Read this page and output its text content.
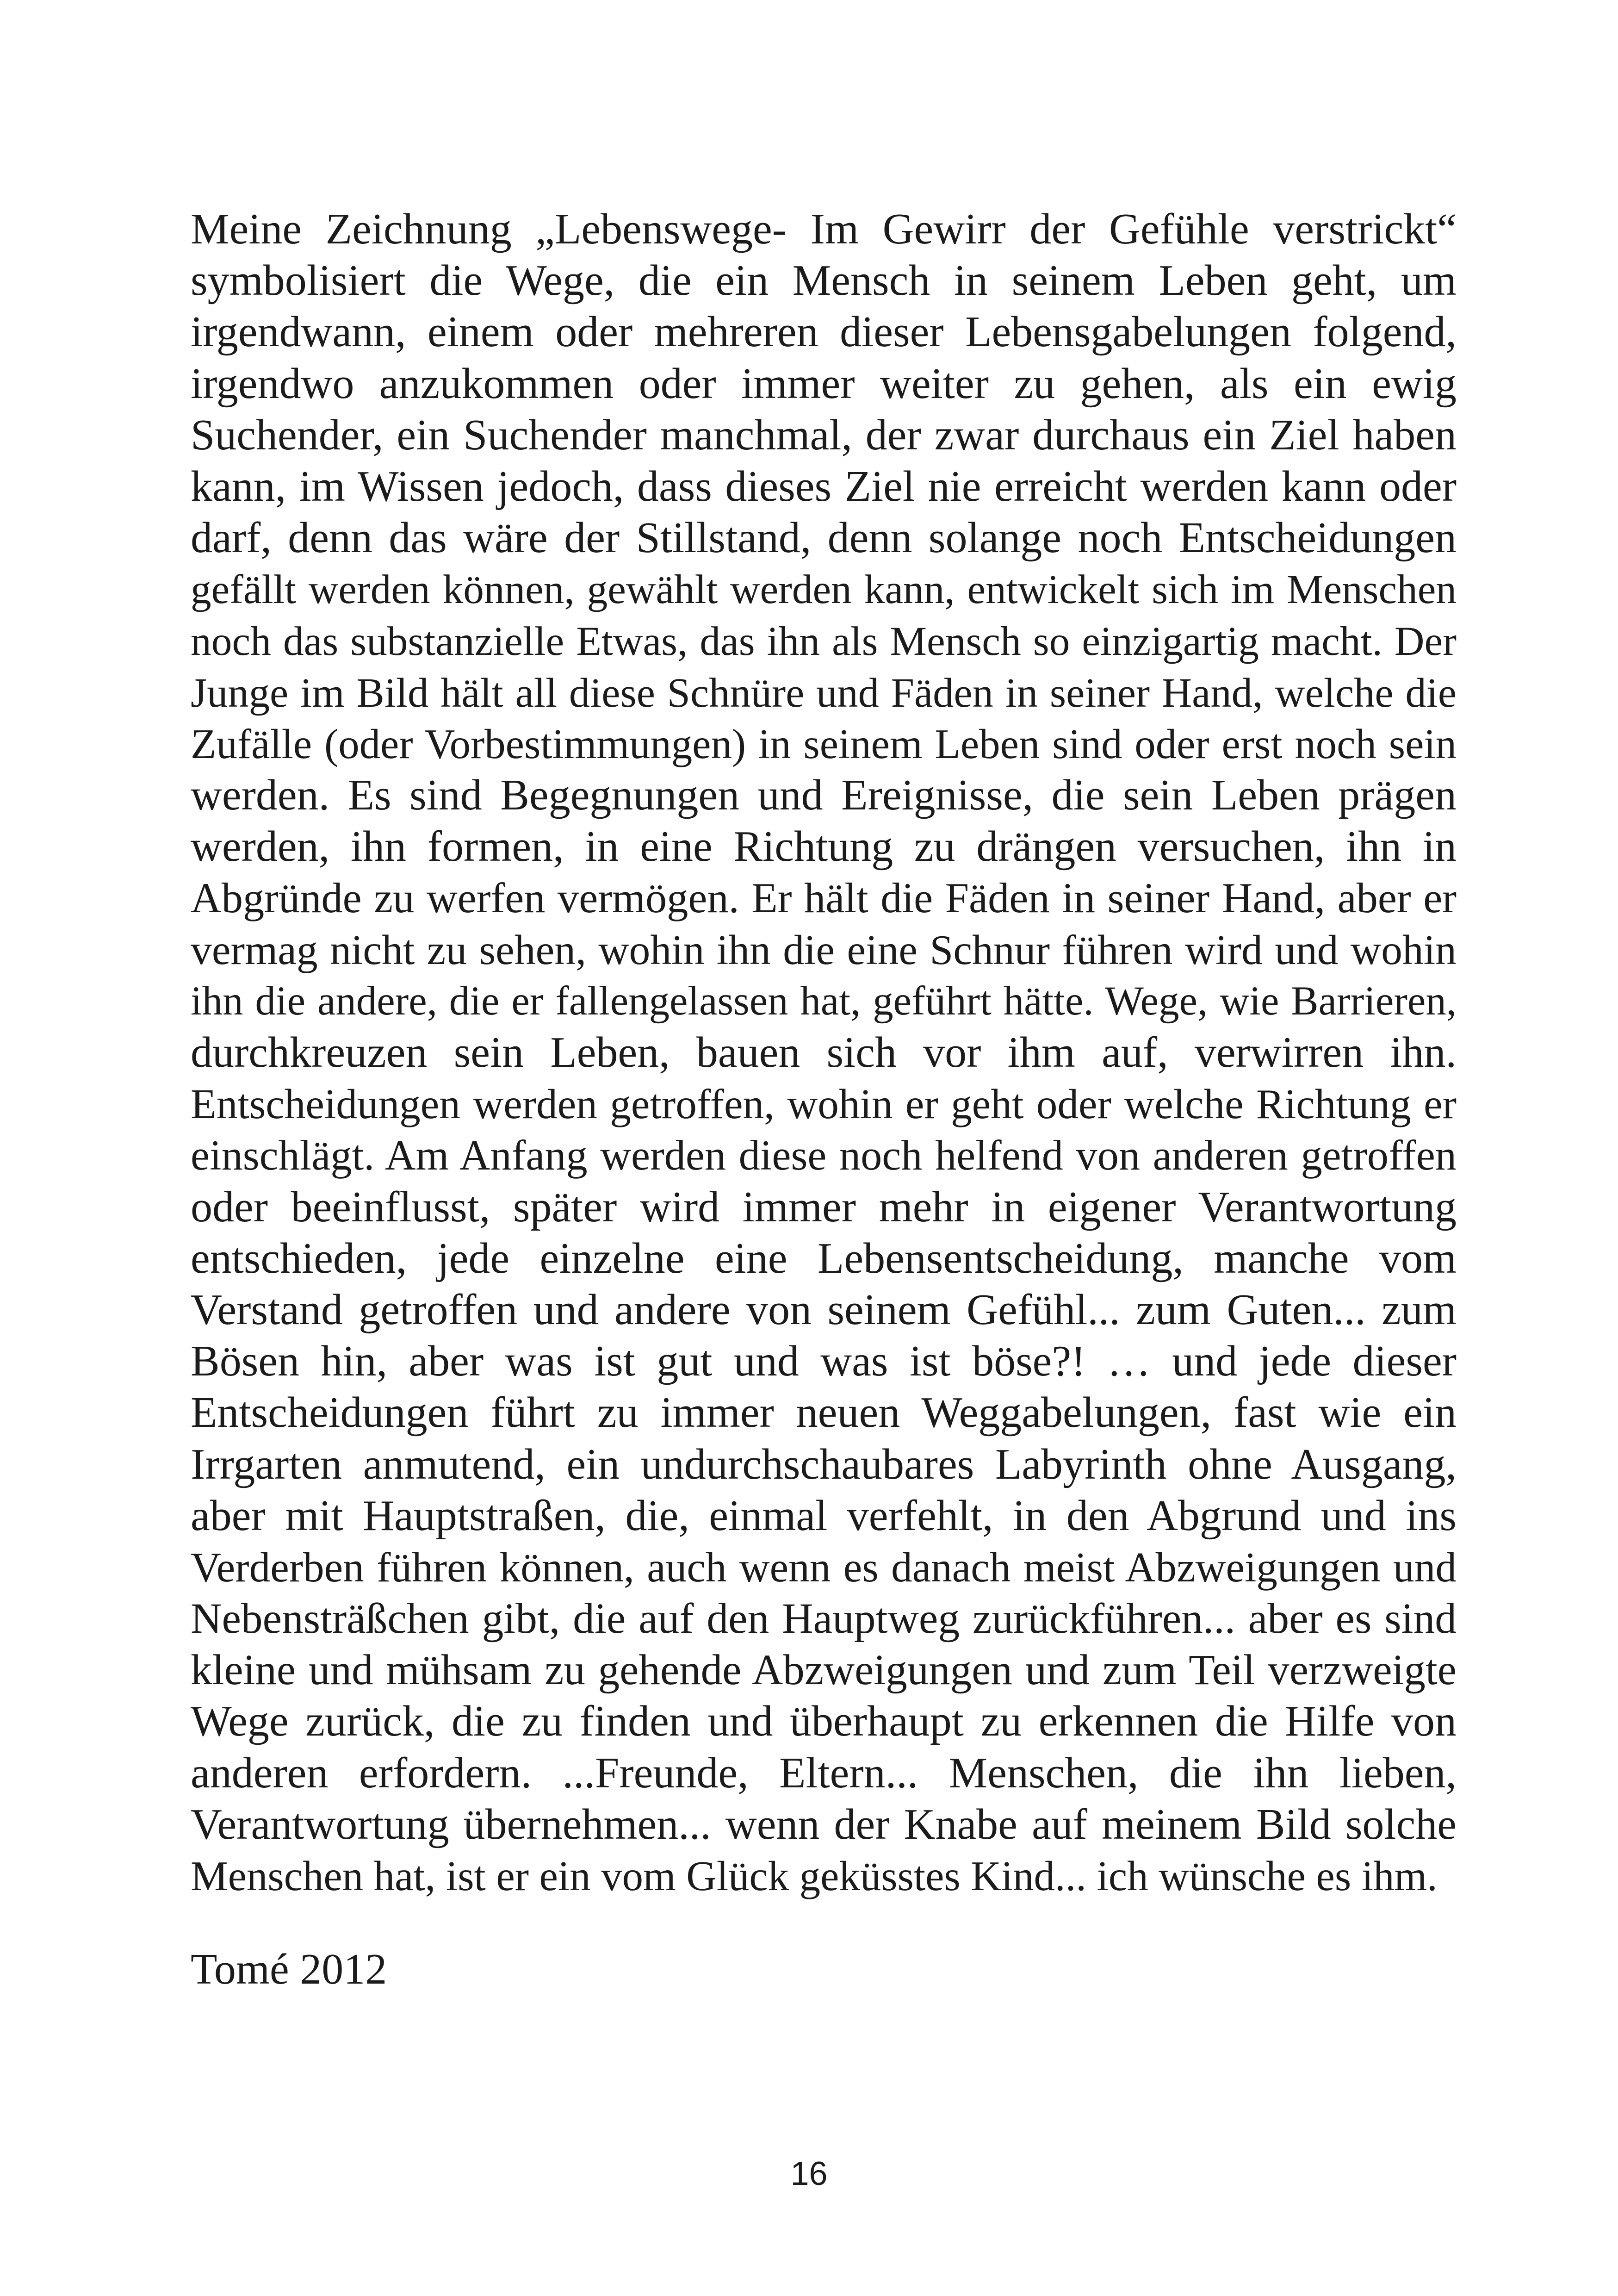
Meine Zeichnung „Lebenswege- Im Gewirr der Gefühle verstrickt“
symbolisiert die Wege, die ein Mensch in seinem Leben geht, um
irgendwann, einem oder mehreren dieser Lebensgabelungen folgend,
irgendwo anzukommen oder immer weiter zu gehen, als ein ewig
Suchender, ein Suchender manchmal, der zwar durchaus ein Ziel haben
kann, im Wissen jedoch, dass dieses Ziel nie erreicht werden kann oder
darf, denn das wäre der Stillstand, denn solange noch Entscheidungen
gefällt werden können, gewählt werden kann, entwickelt sich im Menschen
noch das substanzielle Etwas, das ihn als Mensch so einzigartig macht. Der
Junge im Bild hält all diese Schnüre und Fäden in seiner Hand, welche die
Zufälle (oder Vorbestimmungen) in seinem Leben sind oder erst noch sein
werden. Es sind Begegnungen und Ereignisse, die sein Leben prägen
werden, ihn formen, in eine Richtung zu drängen versuchen, ihn in
Abgründe zu werfen vermögen. Er hält die Fäden in seiner Hand, aber er
vermag nicht zu sehen, wohin ihn die eine Schnur führen wird und wohin
ihn die andere, die er fallengelassen hat, geführt hätte. Wege, wie Barrieren,
durchkreuzen sein Leben, bauen sich vor ihm auf, verwirren ihn.
Entscheidungen werden getroffen, wohin er geht oder welche Richtung er
einschlägt. Am Anfang werden diese noch helfend von anderen getroffen
oder beeinflusst, später wird immer mehr in eigener Verantwortung
entschieden, jede einzelne eine Lebensentscheidung, manche vom
Verstand getroffen und andere von seinem Gefühl... zum Guten... zum
Bösen hin, aber was ist gut und was ist böse?! … und jede dieser
Entscheidungen führt zu immer neuen Weggabelungen, fast wie ein
Irrgarten anmutend, ein undurchschaubares Labyrinth ohne Ausgang,
aber mit Hauptstraßen, die, einmal verfehlt, in den Abgrund und ins
Verderben führen können, auch wenn es danach meist Abzweigungen und
Nebensträßchen gibt, die auf den Hauptweg zurückführen... aber es sind
kleine und mühsam zu gehende Abzweigungen und zum Teil verzweigte
Wege zurück, die zu finden und überhaupt zu erkennen die Hilfe von
anderen erfordern. ...Freunde, Eltern... Menschen, die ihn lieben,
Verantwortung übernehmen... wenn der Knabe auf meinem Bild solche
Menschen hat, ist er ein vom Glück geküsstes Kind... ich wünsche es ihm.
Tomé 2012
16
